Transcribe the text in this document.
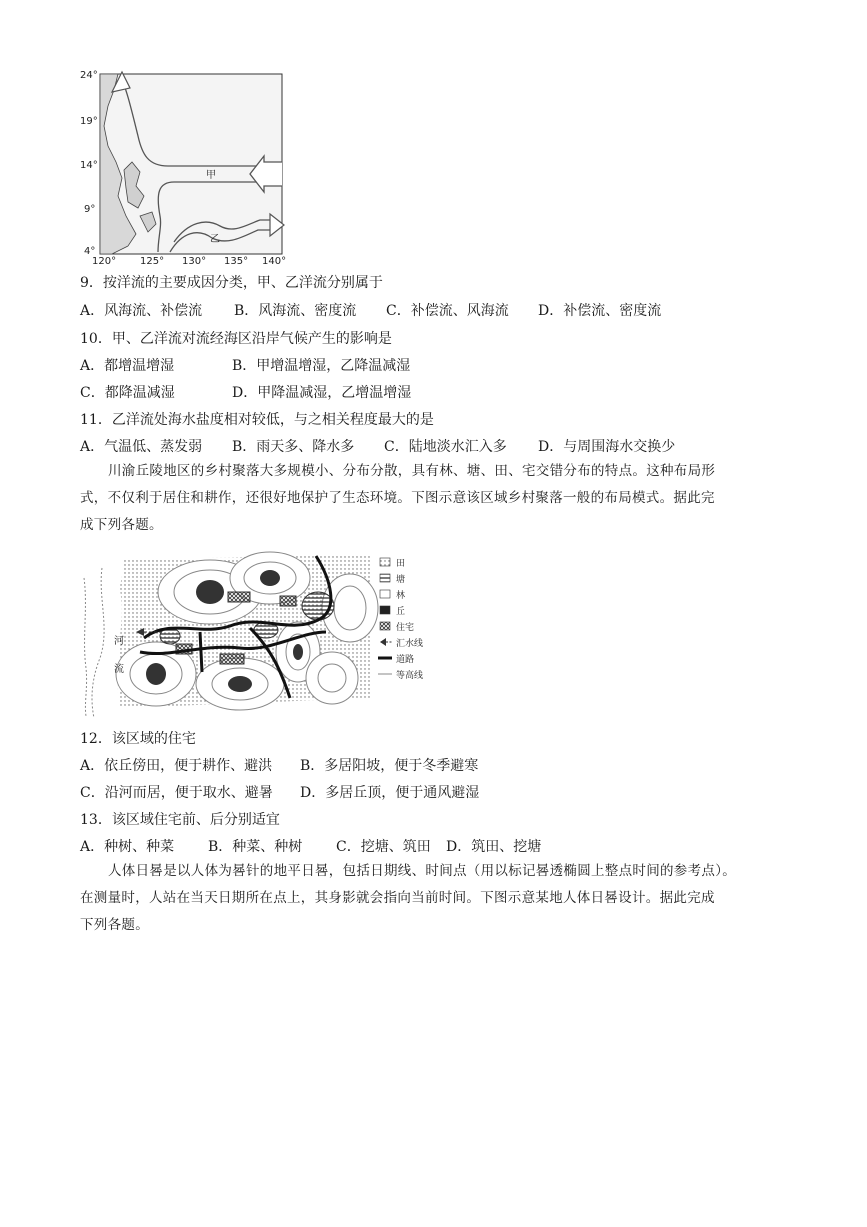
甲
乙
24°
19°
14°
9°
4°
120° 125° 130° 135° 140°
9．按洋流的主要成因分类，甲、乙洋流分别属于
A．风海流、补偿流 B．风海流、密度流 C．补偿流、风海流 D．补偿流、密度流
10．甲、乙洋流对流经海区沿岸气候产生的影响是
A．都增温增湿	B．甲增温增湿，乙降温减湿
C．都降温减湿	D．甲降温减湿，乙增温增湿
11．乙洋流处海水盐度相对较低，与之相关程度最大的是
A．气温低、蒸发弱 B．雨天多、降水多 C．陆地淡水汇入多 D．与周围海水交换少

川渝丘陵地区的乡村聚落大多规模小、分布分散，具有林、塘、田、宅交错分布的特点。这种布局形

式，不仅利于居住和耕作，还很好地保护了生态环境。下图示意该区域乡村聚落一般的布局模式。据此完

成下列各题。

河
流
田
塘
林
丘
住宅
汇水线
道路
等高线
12．该区域的住宅
A．依丘傍田，便于耕作、避洪 B．多居阳坡，便于冬季避寒
C．沿河而居，便于取水、避暑 D．多居丘顶，便于通风避湿
13．该区域住宅前、后分别适宜
A．种树、种菜 B．种菜、种树 C．挖塘、筑田 D．筑田、挖塘

人体日晷是以人体为晷针的地平日晷，包括日期线、时间点（用以标记晷透椭圆上整点时间的参考点）。

在测量时，人站在当天日期所在点上，其身影就会指向当前时间。下图示意某地人体日晷设计。据此完成

下列各题。
